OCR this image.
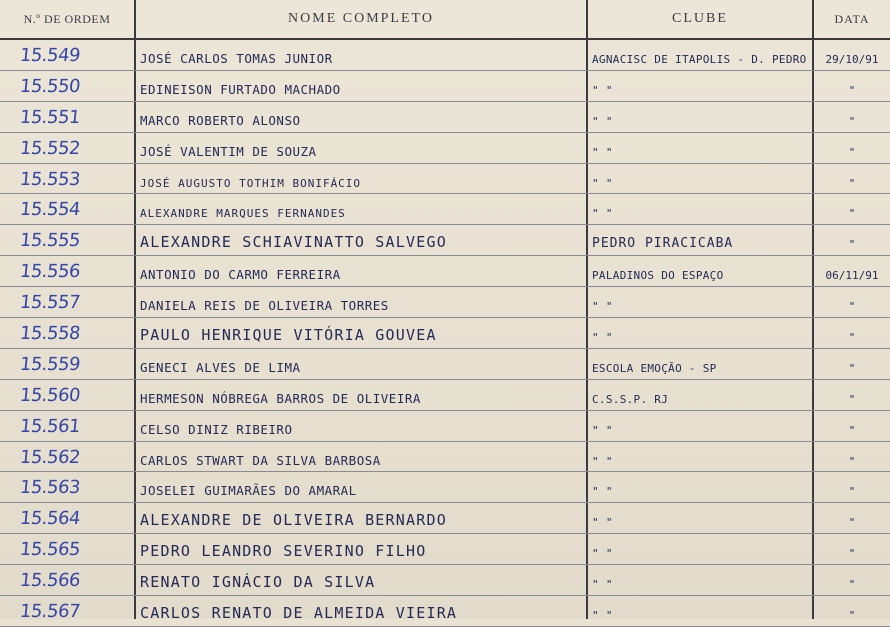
N.º DE ORDEM	NOME COMPLETO	CLUBE	DATA
15.549	JOSÉ CARLOS TOMAS JUNIOR	AGNACISC DE ITAPOLIS - D. PEDRO	29/10/91
15.550	EDINEISON FURTADO MACHADO	" "	"
15.551	MARCO ROBERTO ALONSO	" "	"
15.552	JOSÉ VALENTIM DE SOUZA	" "	"
15.553	JOSÉ AUGUSTO TOTHIM BONIFÁCIO	" "	"
15.554	ALEXANDRE MARQUES FERNANDES	" "	"
15.555	ALEXANDRE SCHIAVINATTO SALVEGO	PEDRO PIRACICABA	"
15.556	ANTONIO DO CARMO FERREIRA	PALADINOS DO ESPAÇO	06/11/91
15.557	DANIELA REIS DE OLIVEIRA TORRES	" "	"
15.558	PAULO HENRIQUE VITÓRIA GOUVEA	" "	"
15.559	GENECI ALVES DE LIMA	ESCOLA EMOÇÃO - SP	"
15.560	HERMESON NÓBREGA BARROS DE OLIVEIRA	C.S.S.P. RJ	"
15.561	CELSO DINIZ RIBEIRO	" "	"
15.562	CARLOS STWART DA SILVA BARBOSA	" "	"
15.563	JOSELEI GUIMARÃES DO AMARAL	" "	"
15.564	ALEXANDRE DE OLIVEIRA BERNARDO	" "	"
15.565	PEDRO LEANDRO SEVERINO FILHO	" "	"
15.566	RENATO IGNÁCIO DA SILVA	" "	"
15.567	CARLOS RENATO DE ALMEIDA VIEIRA	" "	"
